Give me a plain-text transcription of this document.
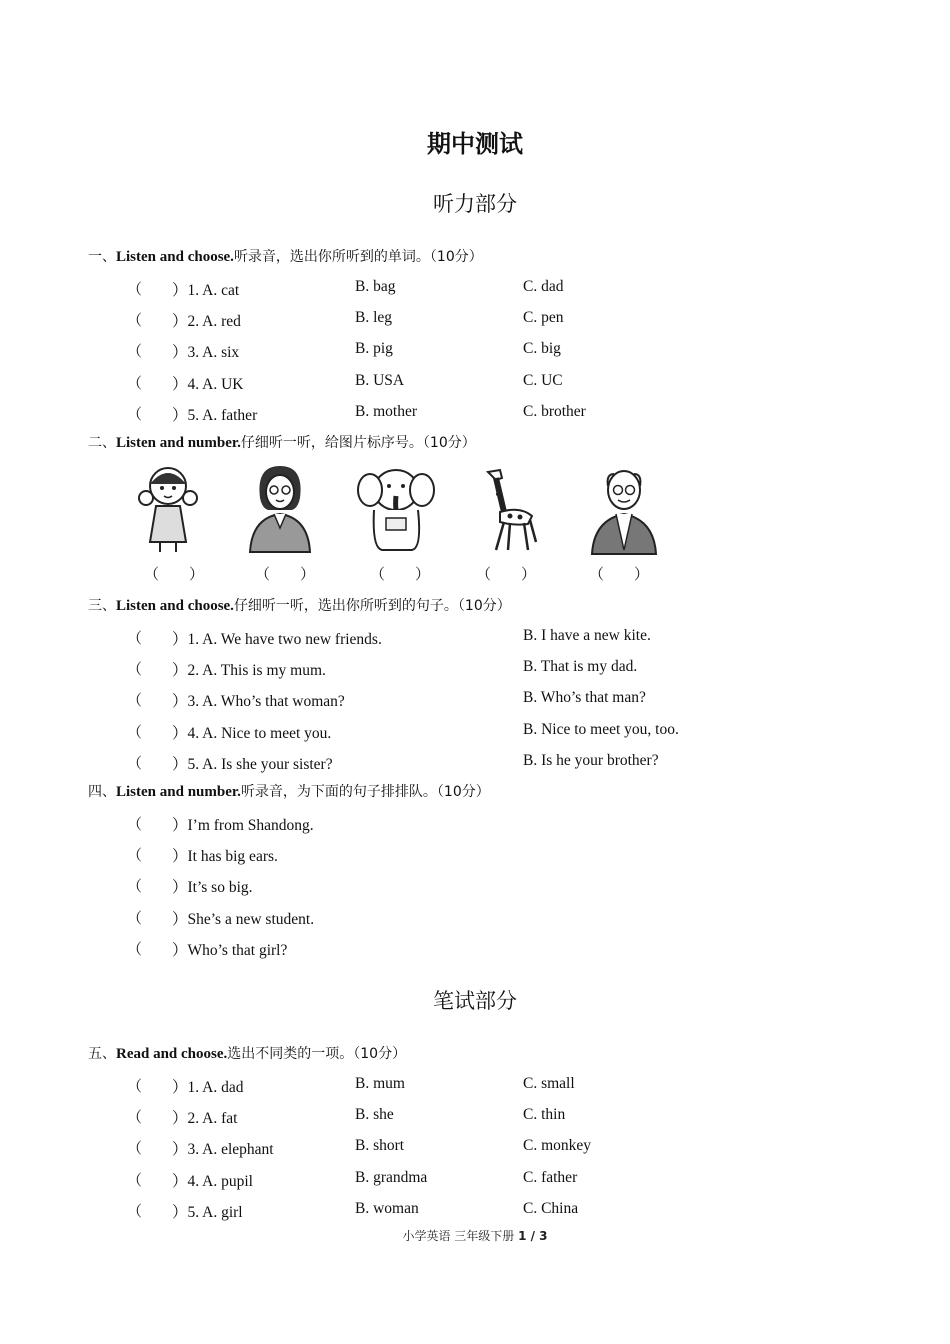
期中测试
听力部分
一、Listen and choose.听录音，选出你所听到的单词。（10分）
（ ）1. A. cat	B. bag	C. dad
（ ）2. A. red	B. leg	C. pen
（ ）3. A. six	B. pig	C. big
（ ）4. A. UK	B. USA	C. UC
（ ）5. A. father	B. mother	C. brother
二、Listen and number.仔细听一听，给图片标序号。（10分）
（　　）	（　　）	（　　）	（　　）	（　　）
三、Listen and choose.仔细听一听，选出你所听到的句子。（10分）
（ ）1. A. We have two new friends.	B. I have a new kite.
（ ）2. A. This is my mum.	B. That is my dad.
（ ）3. A. Who’s that woman?	B. Who’s that man?
（ ）4. A. Nice to meet you.	B. Nice to meet you, too.
（ ）5. A. Is she your sister?	B. Is he your brother?
四、Listen and number.听录音，为下面的句子排排队。（10分）
（ ）I’m from Shandong.
（ ）It has big ears.
（ ）It’s so big.
（ ）She’s a new student.
（ ）Who’s that girl?
笔试部分
五、Read and choose.选出不同类的一项。（10分）
（ ）1. A. dad	B. mum	C. small
（ ）2. A. fat	B. she	C. thin
（ ）3. A. elephant	B. short	C. monkey
（ ）4. A. pupil	B. grandma	C. father
（ ）5. A. girl	B. woman	C. China
小学英语 三年级下册 1 / 3
